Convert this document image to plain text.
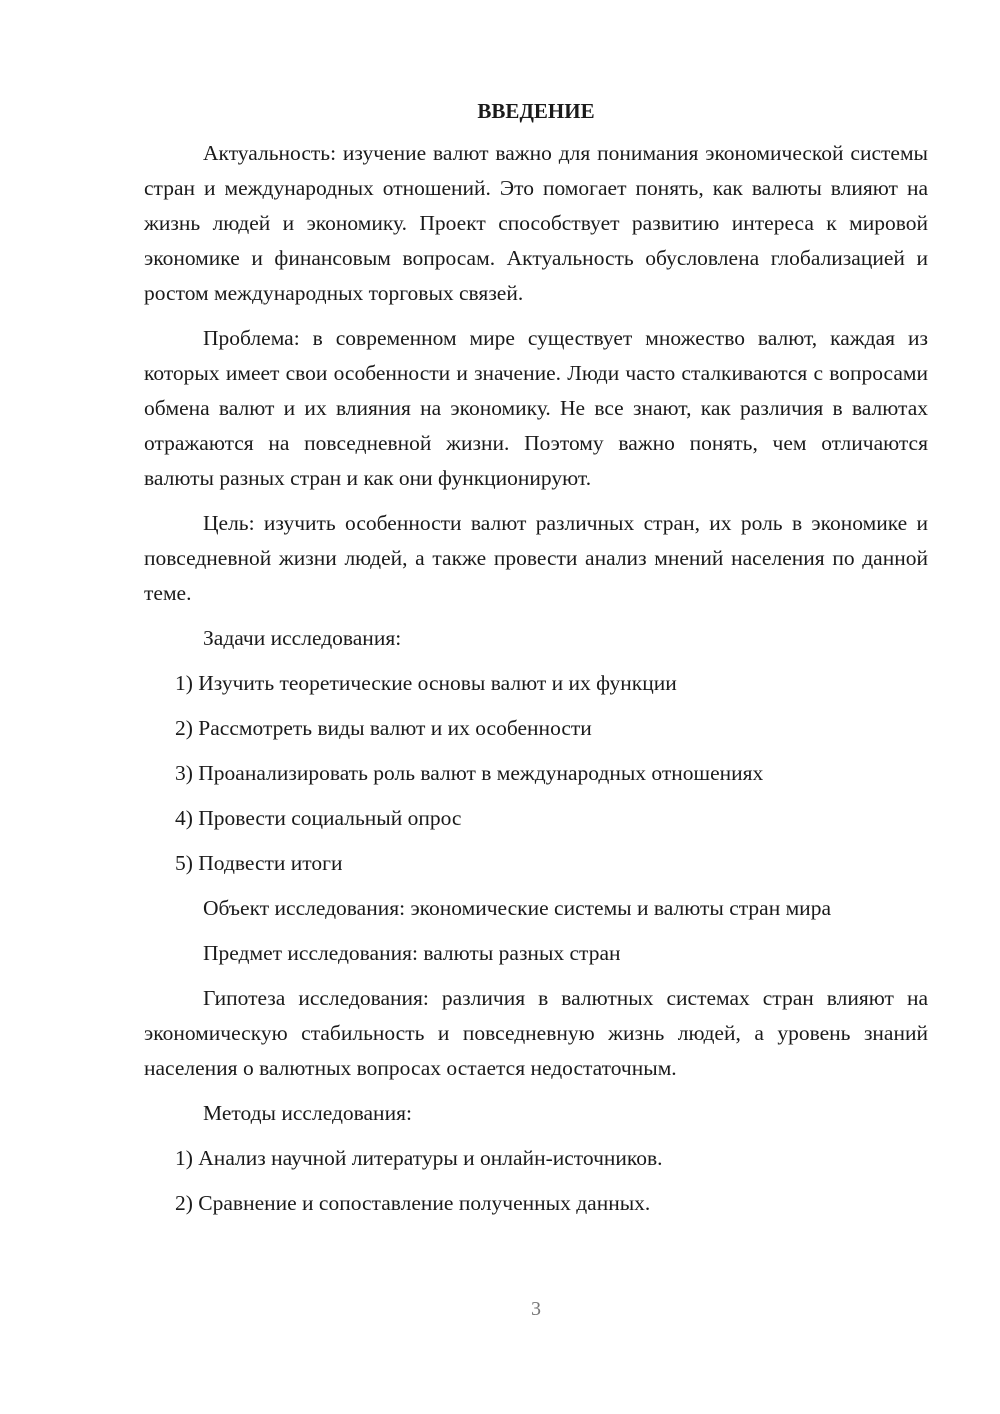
ВВЕДЕНИЕ

Актуальность: изучение валют важно для понимания экономической системы стран и международных отношений. Это помогает понять, как валюты влияют на жизнь людей и экономику. Проект способствует развитию интереса к мировой экономике и финансовым вопросам. Актуальность обусловлена глобализацией и ростом международных торговых связей.

Проблема: в современном мире существует множество валют, каждая из которых имеет свои особенности и значение. Люди часто сталкиваются с вопросами обмена валют и их влияния на экономику. Не все знают, как различия в валютах отражаются на повседневной жизни. Поэтому важно понять, чем отличаются валюты разных стран и как они функционируют.

Цель: изучить особенности валют различных стран, их роль в экономике и повседневной жизни людей, а также провести анализ мнений населения по данной теме.

Задачи исследования:

1) Изучить теоретические основы валют и их функции
2) Рассмотреть виды валют и их особенности
3) Проанализировать роль валют в международных отношениях
4) Провести социальный опрос
5) Подвести итоги

Объект исследования: экономические системы и валюты стран мира

Предмет исследования: валюты разных стран

Гипотеза исследования: различия в валютных системах стран влияют на экономическую стабильность и повседневную жизнь людей, а уровень знаний населения о валютных вопросах остается недостаточным.

Методы исследования:

1) Анализ научной литературы и онлайн-источников.
2) Сравнение и сопоставление полученных данных.
3
